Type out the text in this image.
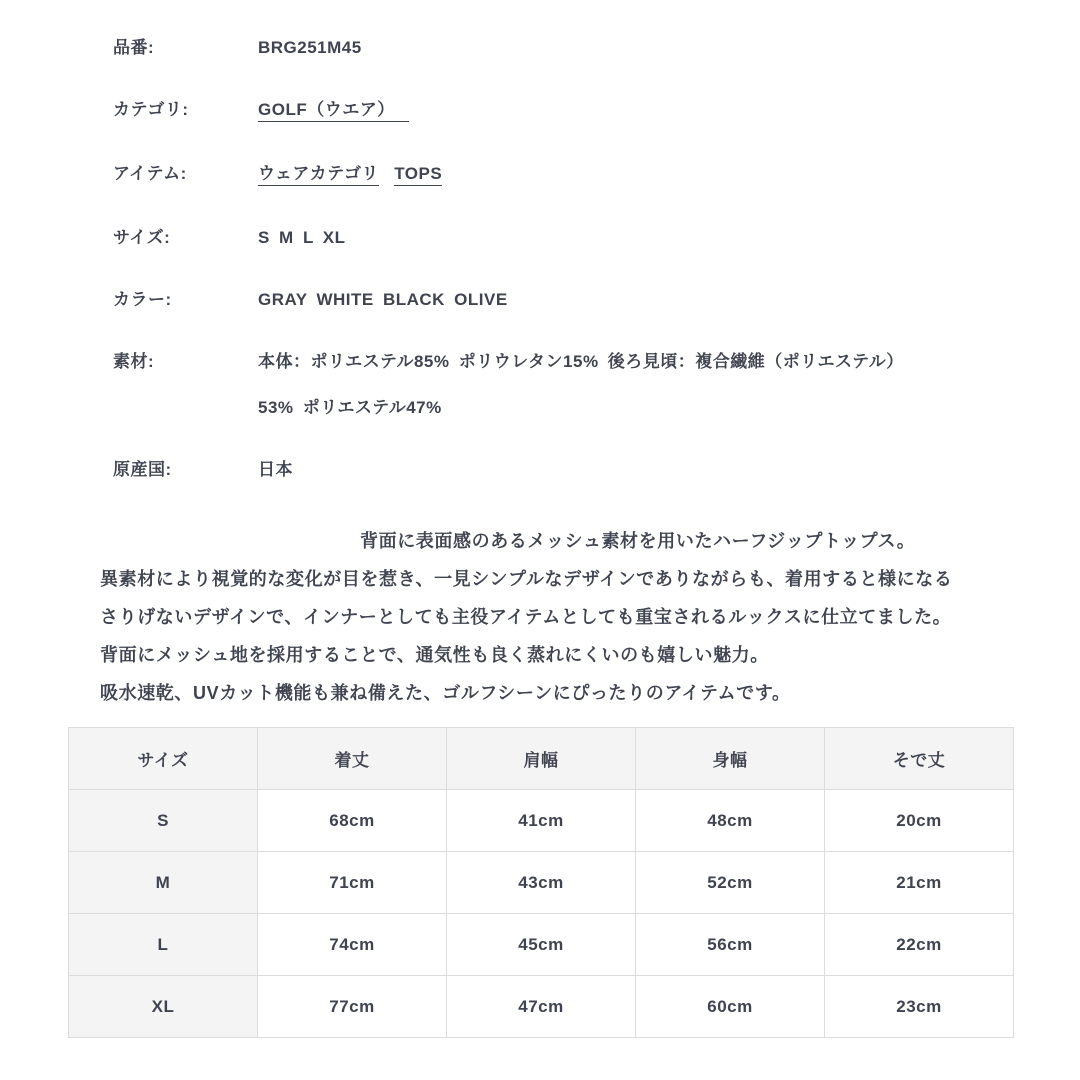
品番:	BRG251M45
カテゴリ:	GOLF（ウエア）
アイテム:	ウェアカテゴリ TOPS
サイズ:	S M L XL
カラー:	GRAY WHITE BLACK OLIVE
素材:	本体：ポリエステル85% ポリウレタン15% 後ろ見頃：複合繊維（ポリエステル）
53% ポリエステル47%
原産国:	日本
背面に表面感のあるメッシュ素材を用いたハーフジップトップス。
異素材により視覚的な変化が目を惹き、一見シンプルなデザインでありながらも、着用すると様になる
さりげないデザインで、インナーとしても主役アイテムとしても重宝されるルックスに仕立てました。
背面にメッシュ地を採用することで、通気性も良く蒸れにくいのも嬉しい魅力。
吸水速乾、UVカット機能も兼ね備えた、ゴルフシーンにぴったりのアイテムです。
サイズ	着丈	肩幅	身幅	そで丈
S	68cm	41cm	48cm	20cm
M	71cm	43cm	52cm	21cm
L	74cm	45cm	56cm	22cm
XL	77cm	47cm	60cm	23cm
